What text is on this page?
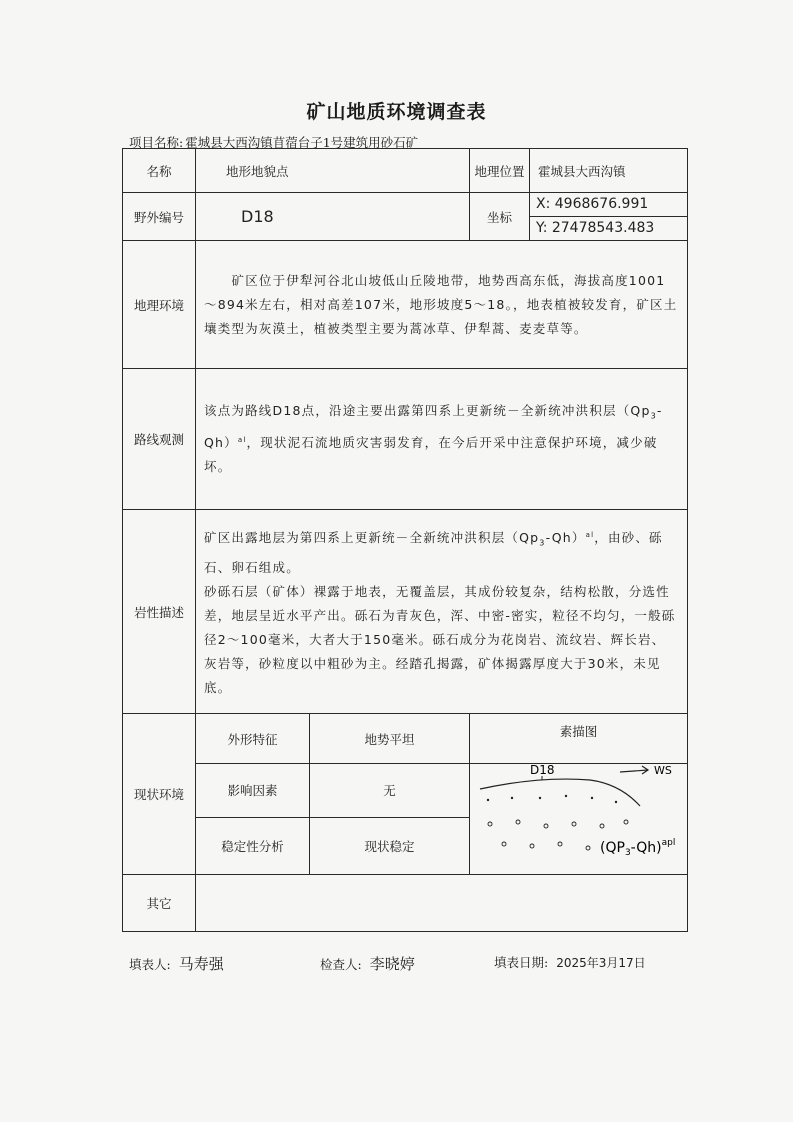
矿山地质环境调查表
项目名称: 霍城县大西沟镇苜蓿台子1号建筑用砂石矿
名称	地形地貌点		地理位置	霍城县大西沟镇
野外编号	D18		坐标	X: 4968676.991
Y: 27478543.483

地理环境	矿区位于伊犁河谷北山坡低山丘陵地带，地势西高东低，海拔高度1001～894米左右，相对高差107米，地形坡度5～18。，地表植被较发育，矿区土壤类型为灰漠土，植被类型主要为蒿冰草、伊犁蒿、麦麦草等。			

路线观测	该点为路线D18点，沿途主要出露第四系上更新统－全新统冲洪积层$(Qp_3-Qh)^{al}$，现状泥石流地质灾害弱发育，在今后开采中注意保护环境，减少破坏。			

岩性描述	矿区出露地层为第四系上更新统－全新统冲洪积层$(Qp_3-Qh)^{al}$，由砂、砾石、卵石组成。
砂砾石层（矿体）裸露于地表，无覆盖层，其成份较复杂，结构松散，分选性差，地层呈近水平产出。砾石为青灰色，浑、中密-密实，粒径不均匀，一般砾径2～100毫米，大者大于150毫米。砾石成分为花岗岩、流纹岩、辉长岩、灰岩等，砂粒度以中粗砂为主。经踏孔揭露，矿体揭露厚度大于30米，未见底。			

现状环境	外形特征	地势平坦	素描图	
	影响因素	无	D18 WS
$(QP_3-Qh)^{apl}$

	稳定性分析	现状稳定		
其它				
填表人: 马寿强	检查人: 李晓婷	填表日期: 2025年3月17日
